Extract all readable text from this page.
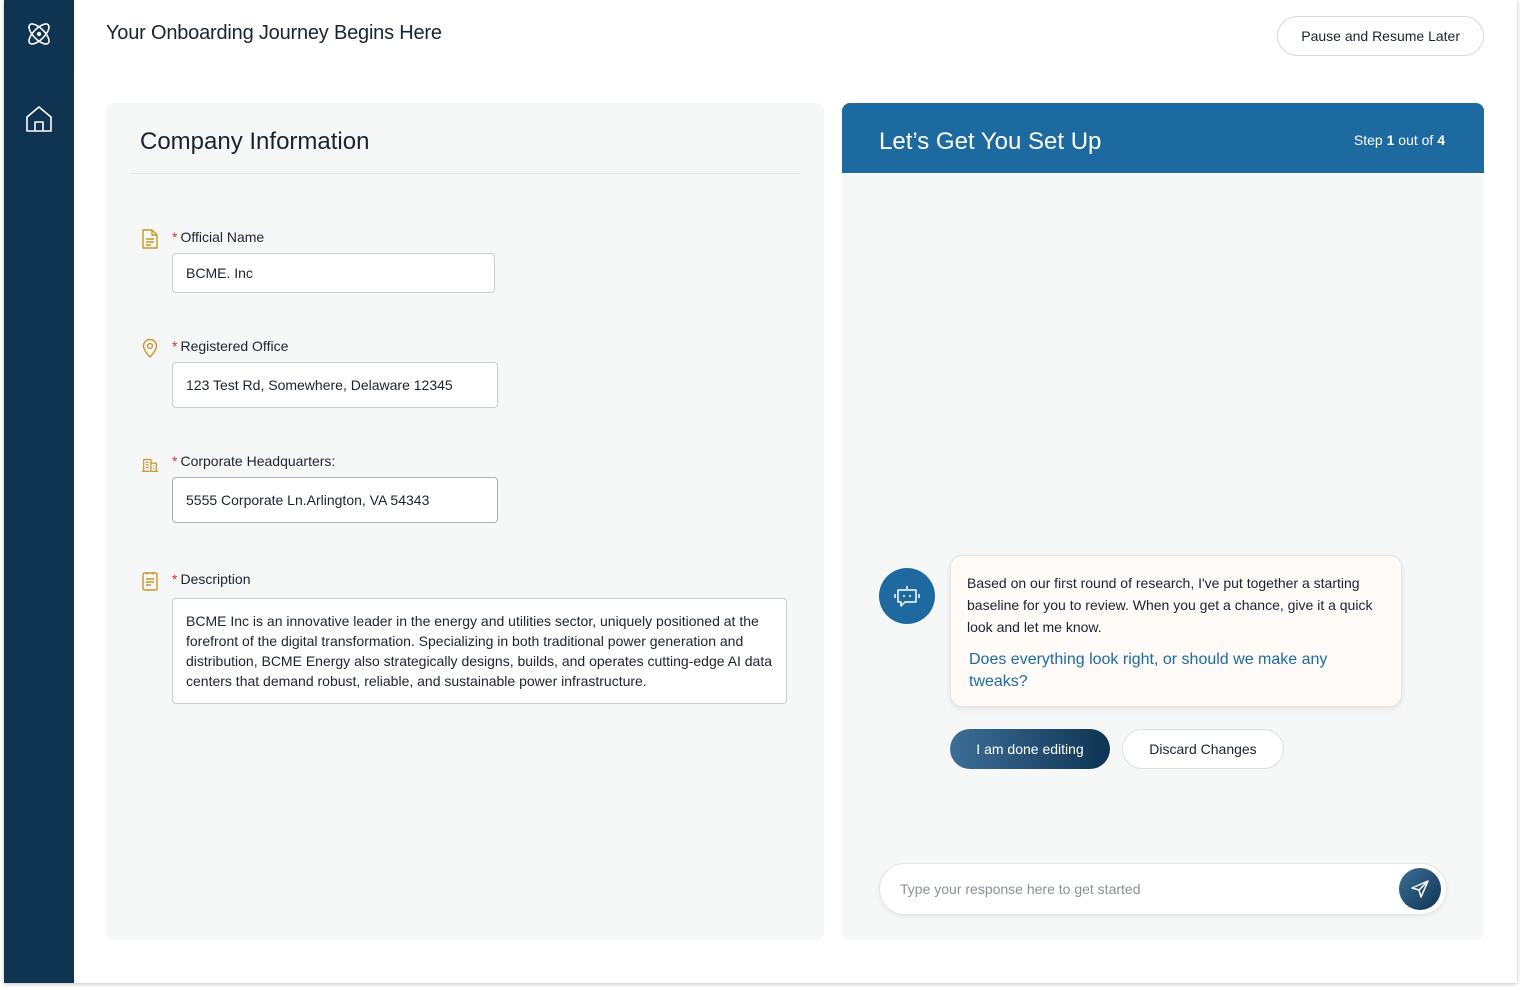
Your Onboarding Journey Begins Here	Pause and Resume Later
Company Information
* Official Name
BCME. Inc
* Registered Office
123 Test Rd, Somewhere, Delaware 12345
* Corporate Headquarters:
5555 Corporate Ln.Arlington, VA 54343
* Description
BCME Inc is an innovative leader in the energy and utilities sector, uniquely positioned at the forefront of the digital transformation. Specializing in both traditional power generation and distribution, BCME Energy also strategically designs, builds, and operates cutting-edge AI data centers that demand robust, reliable, and sustainable power infrastructure.
Let’s Get You Set Up	Step 1 out of 4
Based on our first round of research, I've put together a starting baseline for you to review. When you get a chance, give it a quick look and let me know.
Does everything look right, or should we make any tweaks?
I am done editing	Discard Changes
Type your response here to get started
